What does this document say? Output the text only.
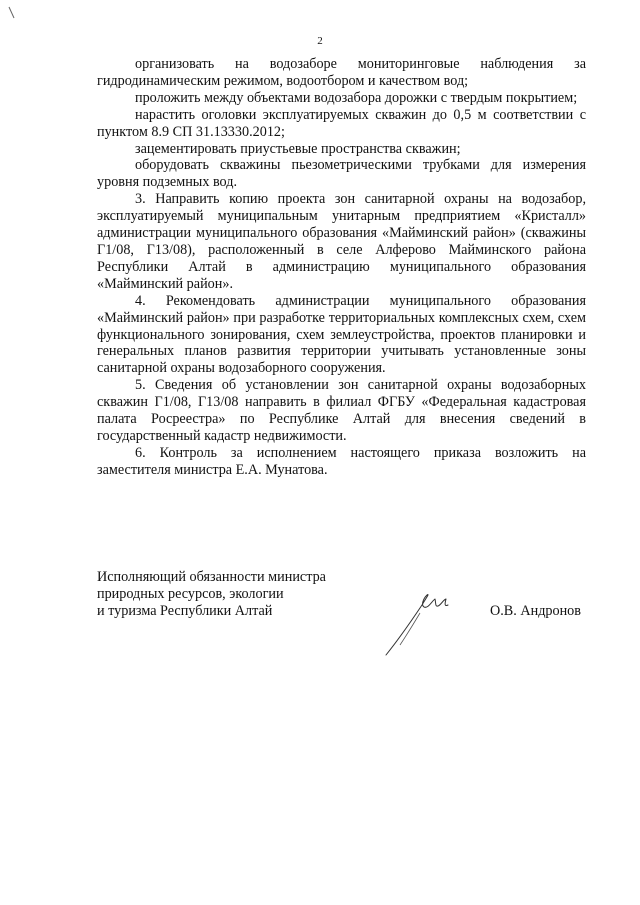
2

организовать на водозаборе мониторинговые наблюдения за гидродинамическим режимом, водоотбором и качеством вод;

проложить между объектами водозабора дорожки с твердым покрытием;

нарастить оголовки эксплуатируемых скважин до 0,5 м соответствии с пунктом 8.9 СП 31.13330.2012;

зацементировать приустьевые пространства скважин;

оборудовать скважины пьезометрическими трубками для измерения уровня подземных вод.

3. Направить копию проекта зон санитарной охраны на водозабор, эксплуатируемый муниципальным унитарным предприятием «Кристалл» администрации муниципального образования «Майминский район» (скважины Г1/08, Г13/08), расположенный в селе Алферово Майминского района Республики Алтай в администрацию муниципального образования «Майминский район».

4. Рекомендовать администрации муниципального образования «Майминский район» при разработке территориальных комплексных схем, схем функционального зонирования, схем землеустройства, проектов планировки и генеральных планов развития территории учитывать установленные зоны санитарной охраны водозаборного сооружения.

5. Сведения об установлении зон санитарной охраны водозаборных скважин Г1/08, Г13/08 направить в филиал ФГБУ «Федеральная кадастровая палата Росреестра» по Республике Алтай для внесения сведений в государственный кадастр недвижимости.

6. Контроль за исполнением настоящего приказа возложить на заместителя министра Е.А. Мунатова.

Исполняющий обязанности министра
природных ресурсов, экологии
и туризма Республики Алтай	О.В. Андронов
